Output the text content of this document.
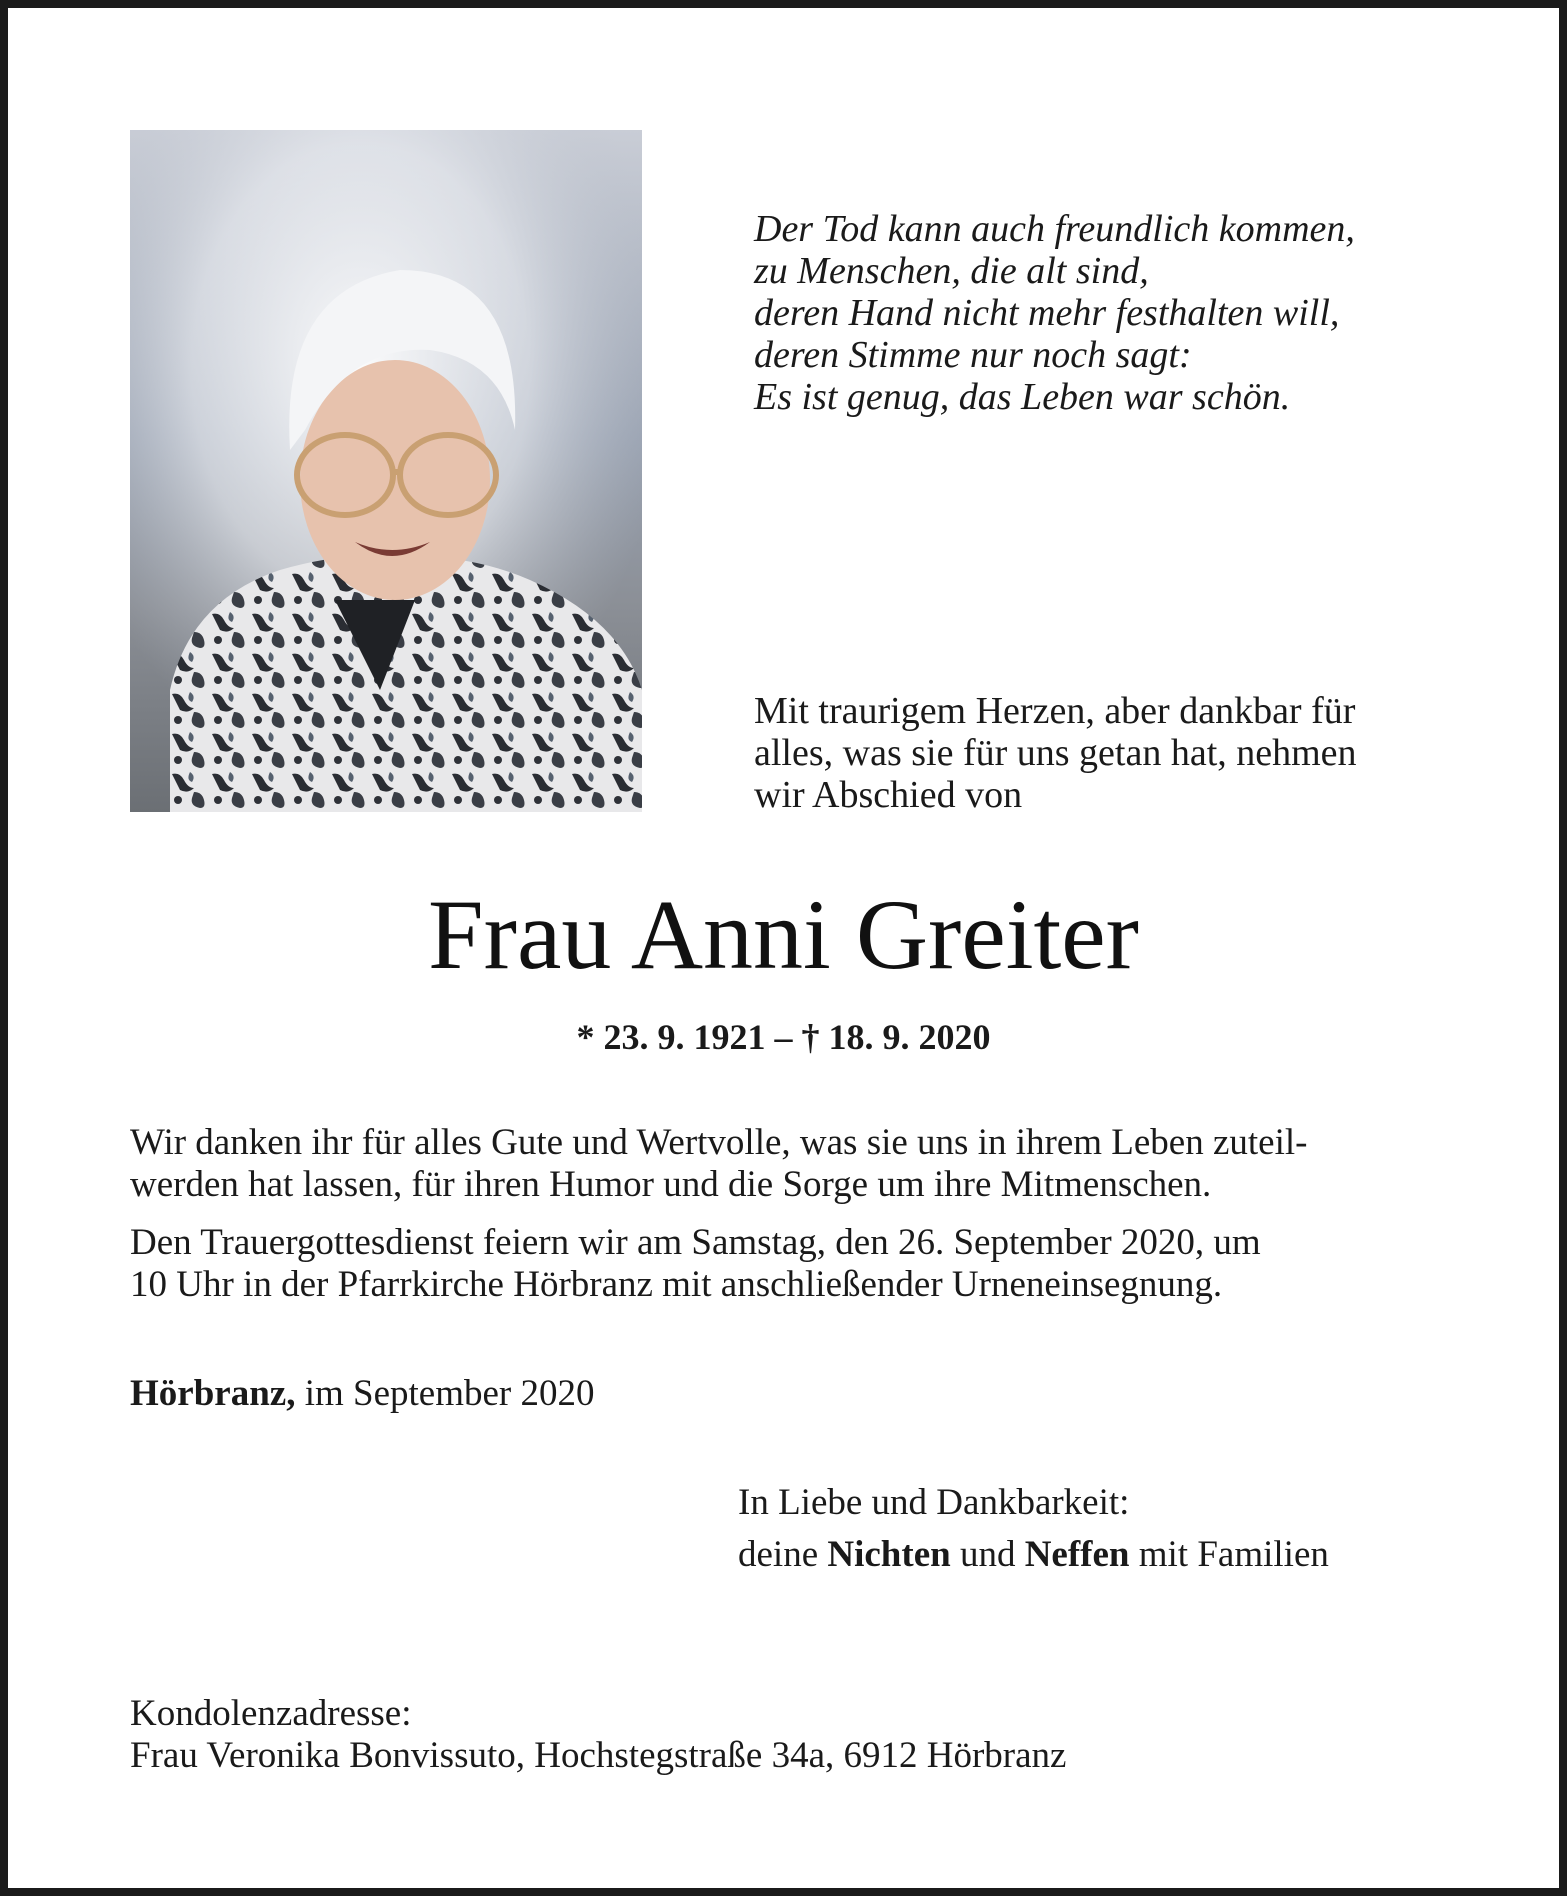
Der Tod kann auch freundlich kommen,
zu Menschen, die alt sind,
deren Hand nicht mehr festhalten will,
deren Stimme nur noch sagt:
Es ist genug, das Leben war schön.
Mit traurigem Herzen, aber dankbar für
alles, was sie für uns getan hat, nehmen
wir Abschied von
Frau Anni Greiter
* 23. 9. 1921 – † 18. 9. 2020
Wir danken ihr für alles Gute und Wertvolle, was sie uns in ihrem Leben zuteil-
werden hat lassen, für ihren Humor und die Sorge um ihre Mitmenschen.
Den Trauergottesdienst feiern wir am Samstag, den 26. September 2020, um
10 Uhr in der Pfarrkirche Hörbranz mit anschließender Urneneinsegnung.
Hörbranz, im September 2020
In Liebe und Dankbarkeit:
deine Nichten und Neffen mit Familien
Kondolenzadresse:
Frau Veronika Bonvissuto, Hochstegstraße 34a, 6912 Hörbranz
